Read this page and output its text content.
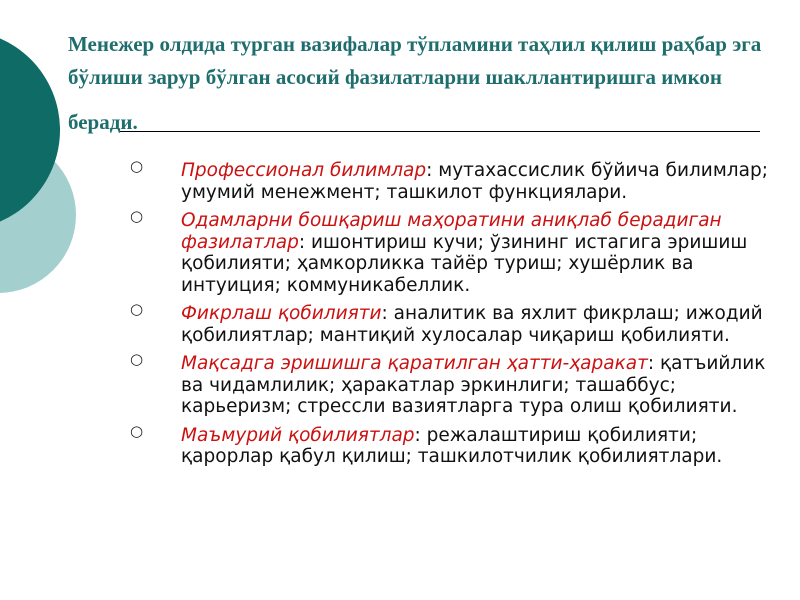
Менежер олдида турган вазифалар тўпламини таҳлил қилиш раҳбар эга
бўлиши зарур бўлган асосий фазилатларни шакллантиришга имкон
беради.
○ Профессионал билимлар: мутахассислик бўйича билимлар; умумий менежмент; ташкилот функциялари.
○ Одамларни бошқариш маҳоратини аниқлаб берадиган фазилатлар: ишонтириш кучи; ўзининг истагига эришиш қобилияти; ҳамкорликка тайёр туриш; хушёрлик ва интуиция; коммуникабеллик.
○ Фикрлаш қобилияти: аналитик ва яхлит фикрлаш; ижодий қобилиятлар; мантиқий хулосалар чиқариш қобилияти.
○ Мақсадга эришишга қаратилган ҳатти-ҳаракат: қатъийлик ва чидамлилик; ҳаракатлар эркинлиги; ташаббус; карьеризм; стрессли вазиятларга тура олиш қобилияти.
○ Маъмурий қобилиятлар: режалаштириш қобилияти; қарорлар қабул қилиш; ташкилотчилик қобилиятлари.
